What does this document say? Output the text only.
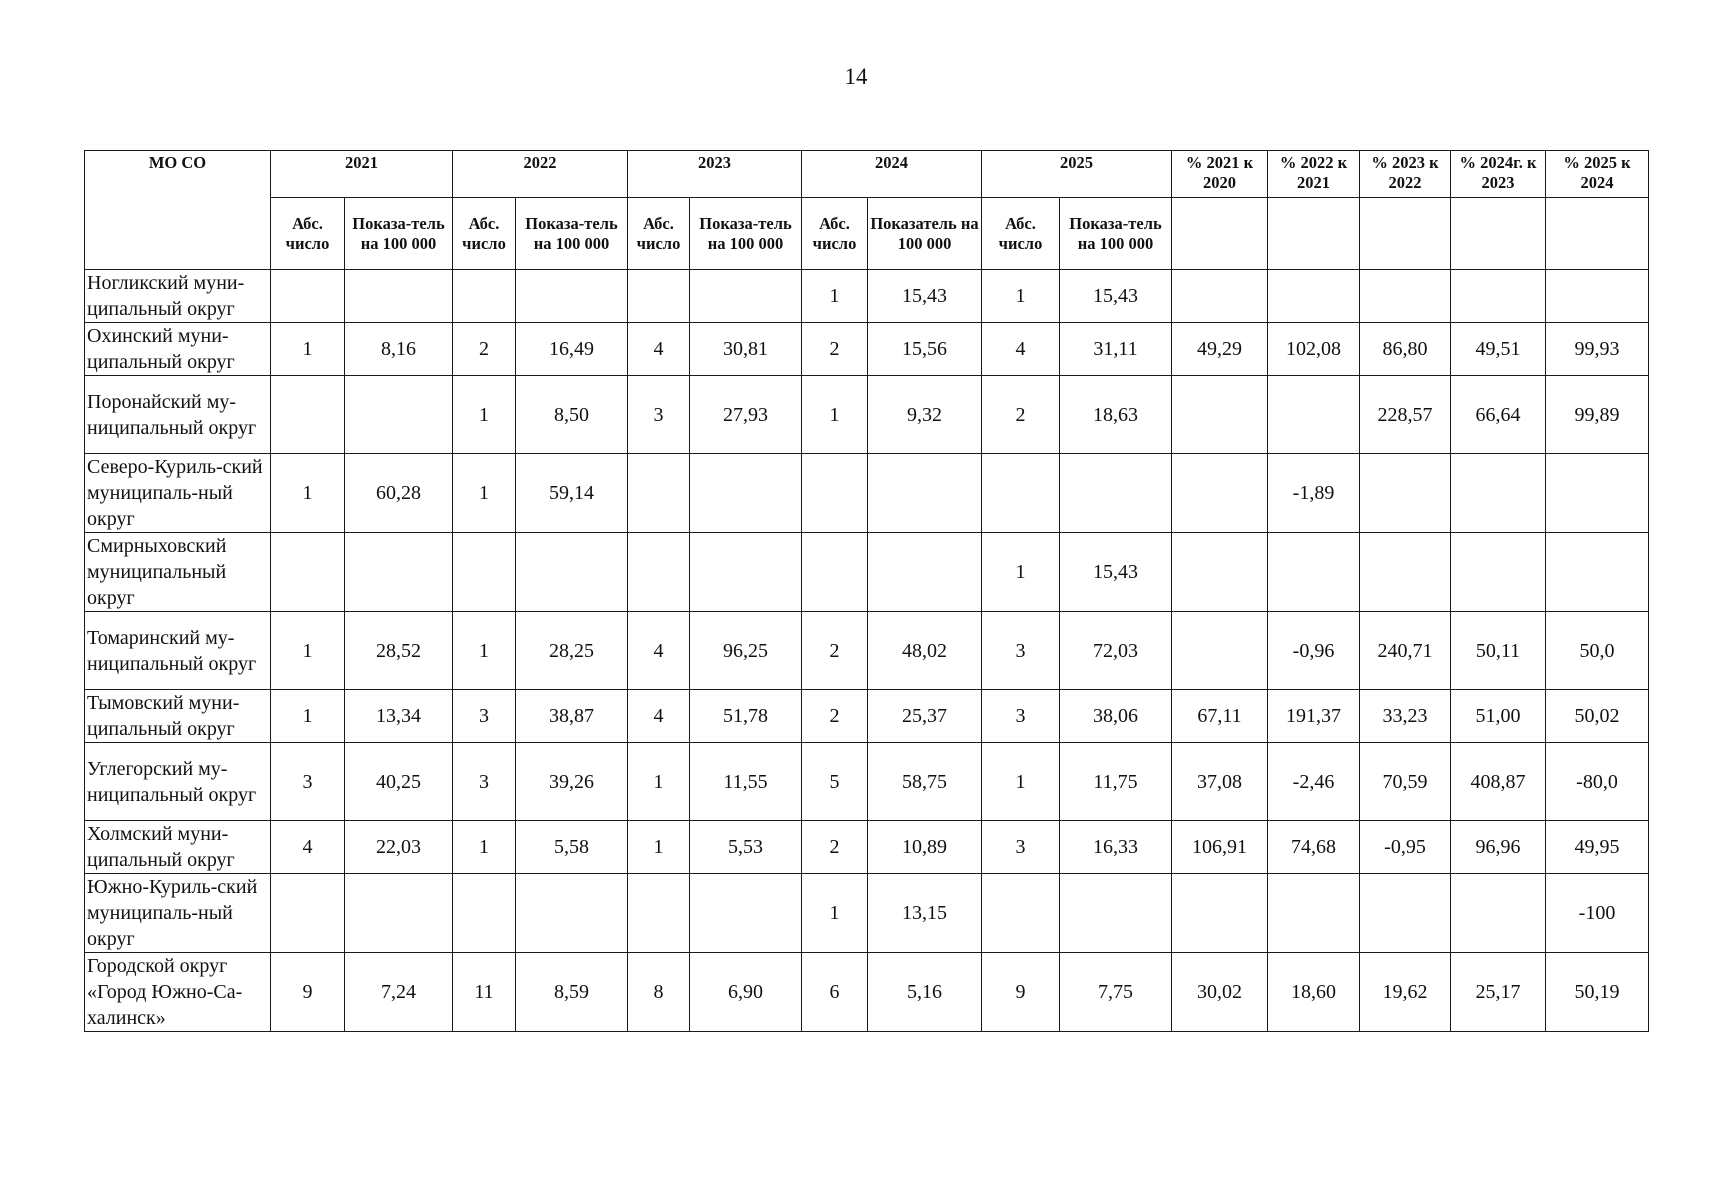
14
МО СО	2021		2022		2023		2024		2025		% 2021 к 2020	% 2022 к 2021	% 2023 к 2022	% 2024г. к 2023	% 2025 к 2024
	Абс. число	Показа-тель на 100 000	Абс. число	Показа-тель на 100 000	Абс. число	Показа-тель на 100 000	Абс. число	Показатель на 100 000	Абс. число	Показа-тель на 100 000					
Ногликский муни-ципальный округ							1	15,43	1	15,43					
Охинский муни-ципальный округ	1	8,16	2	16,49	4	30,81	2	15,56	4	31,11	49,29	102,08	86,80	49,51	99,93
Поронайский му-ниципальный округ			1	8,50	3	27,93	1	9,32	2	18,63			228,57	66,64	99,89
Северо-Куриль-ский муниципаль-ный округ	1	60,28	1	59,14								-1,89			
Смирныховский муниципальный округ									1	15,43					
Томаринский му-ниципальный округ	1	28,52	1	28,25	4	96,25	2	48,02	3	72,03		-0,96	240,71	50,11	50,0
Тымовский муни-ципальный округ	1	13,34	3	38,87	4	51,78	2	25,37	3	38,06	67,11	191,37	33,23	51,00	50,02
Углегорский му-ниципальный округ	3	40,25	3	39,26	1	11,55	5	58,75	1	11,75	37,08	-2,46	70,59	408,87	-80,0
Холмский муни-ципальный округ	4	22,03	1	5,58	1	5,53	2	10,89	3	16,33	106,91	74,68	-0,95	96,96	49,95
Южно-Куриль-ский муниципаль-ный округ							1	13,15							-100
Городской округ «Город Южно-Са-халинск»	9	7,24	11	8,59	8	6,90	6	5,16	9	7,75	30,02	18,60	19,62	25,17	50,19
